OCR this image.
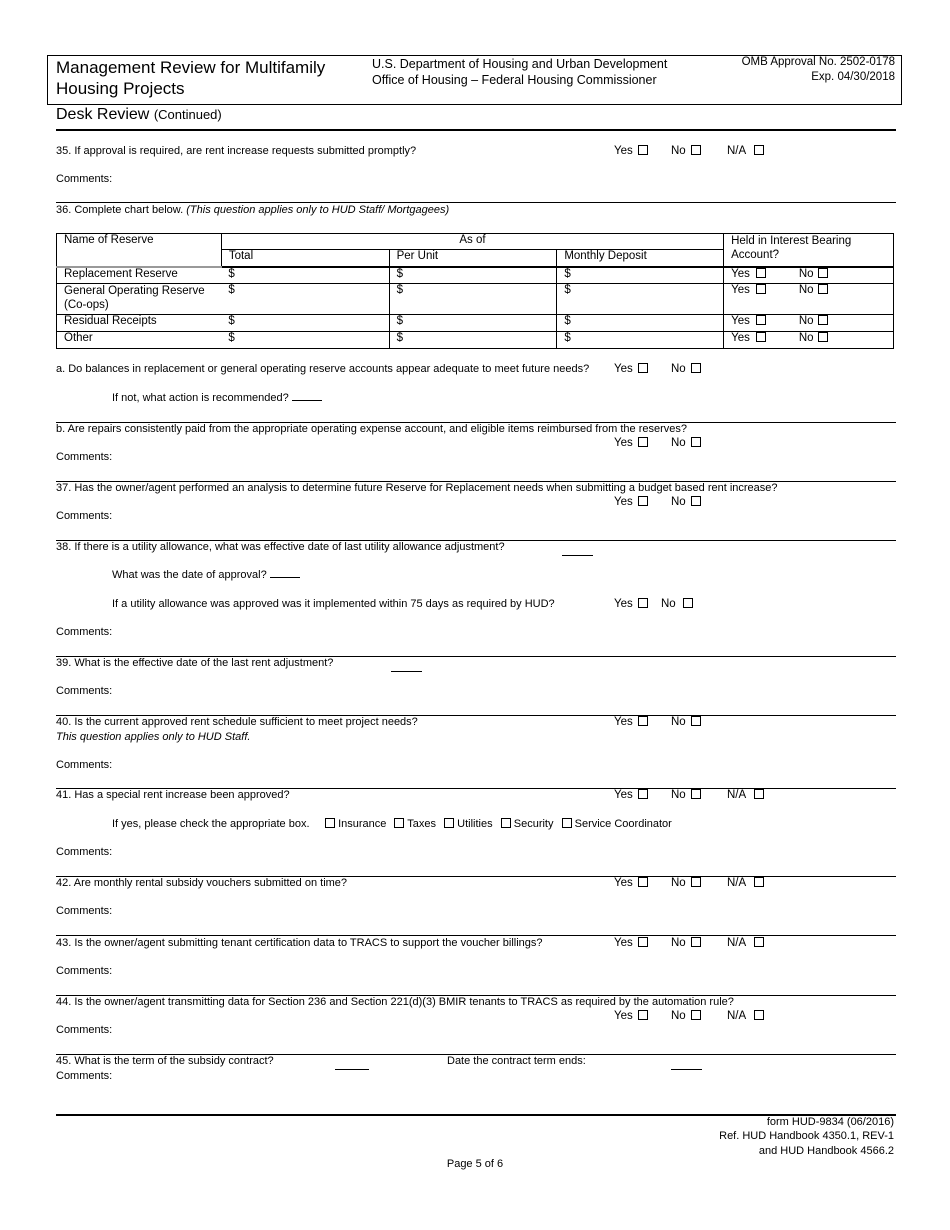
Management Review for Multifamily Housing Projects
U.S. Department of Housing and Urban Development
Office of Housing – Federal Housing Commissioner
OMB Approval No. 2502-0178
Exp. 04/30/2018
Desk Review (Continued)
35. If approval is required, are rent increase requests submitted promptly?	Yes	No	N/A
Comments:
36. Complete chart below. (This question applies only to HUD Staff/ Mortgagees)
Name of Reserve	As of			Held in Interest Bearing Account?
	Total	Per Unit	Monthly Deposit	
Replacement Reserve	$	$	$	Yes No
General Operating Reserve (Co-ops)	$	$	$	Yes No
Residual Receipts	$	$	$	Yes No
Other	$	$	$	Yes No
a. Do balances in replacement or general operating reserve accounts appear adequate to meet future needs? Yes	No
If not, what action is recommended?
b. Are repairs consistently paid from the appropriate operating expense account, and eligible items reimbursed from the reserves?
Yes	No
Comments:
37. Has the owner/agent performed an analysis to determine future Reserve for Replacement needs when submitting a budget based rent increase?
Yes	No
Comments:
38. If there is a utility allowance, what was effective date of last utility allowance adjustment?
What was the date of approval?
If a utility allowance was approved was it implemented within 75 days as required by HUD?	Yes	No
Comments:
39. What is the effective date of the last rent adjustment?
Comments:
40. Is the current approved rent schedule sufficient to meet project needs?
This question applies only to HUD Staff.
Yes	No
Comments:
41. Has a special rent increase been approved?	Yes	No	N/A
If yes, please check the appropriate box.	Insurance Taxes Utilities Security Service Coordinator
Comments:
42. Are monthly rental subsidy vouchers submitted on time?	Yes	No	N/A
Comments:
43. Is the owner/agent submitting tenant certification data to TRACS to support the voucher billings?	Yes	No	N/A
Comments:
44. Is the owner/agent transmitting data for Section 236 and Section 221(d)(3) BMIR tenants to TRACS as required by the automation rule?
Yes	No	N/A
Comments:
45. What is the term of the subsidy contract?	Date the contract term ends:
Comments:
form HUD-9834 (06/2016)
Ref. HUD Handbook 4350.1, REV-1
and HUD Handbook 4566.2
Page 5 of 6
